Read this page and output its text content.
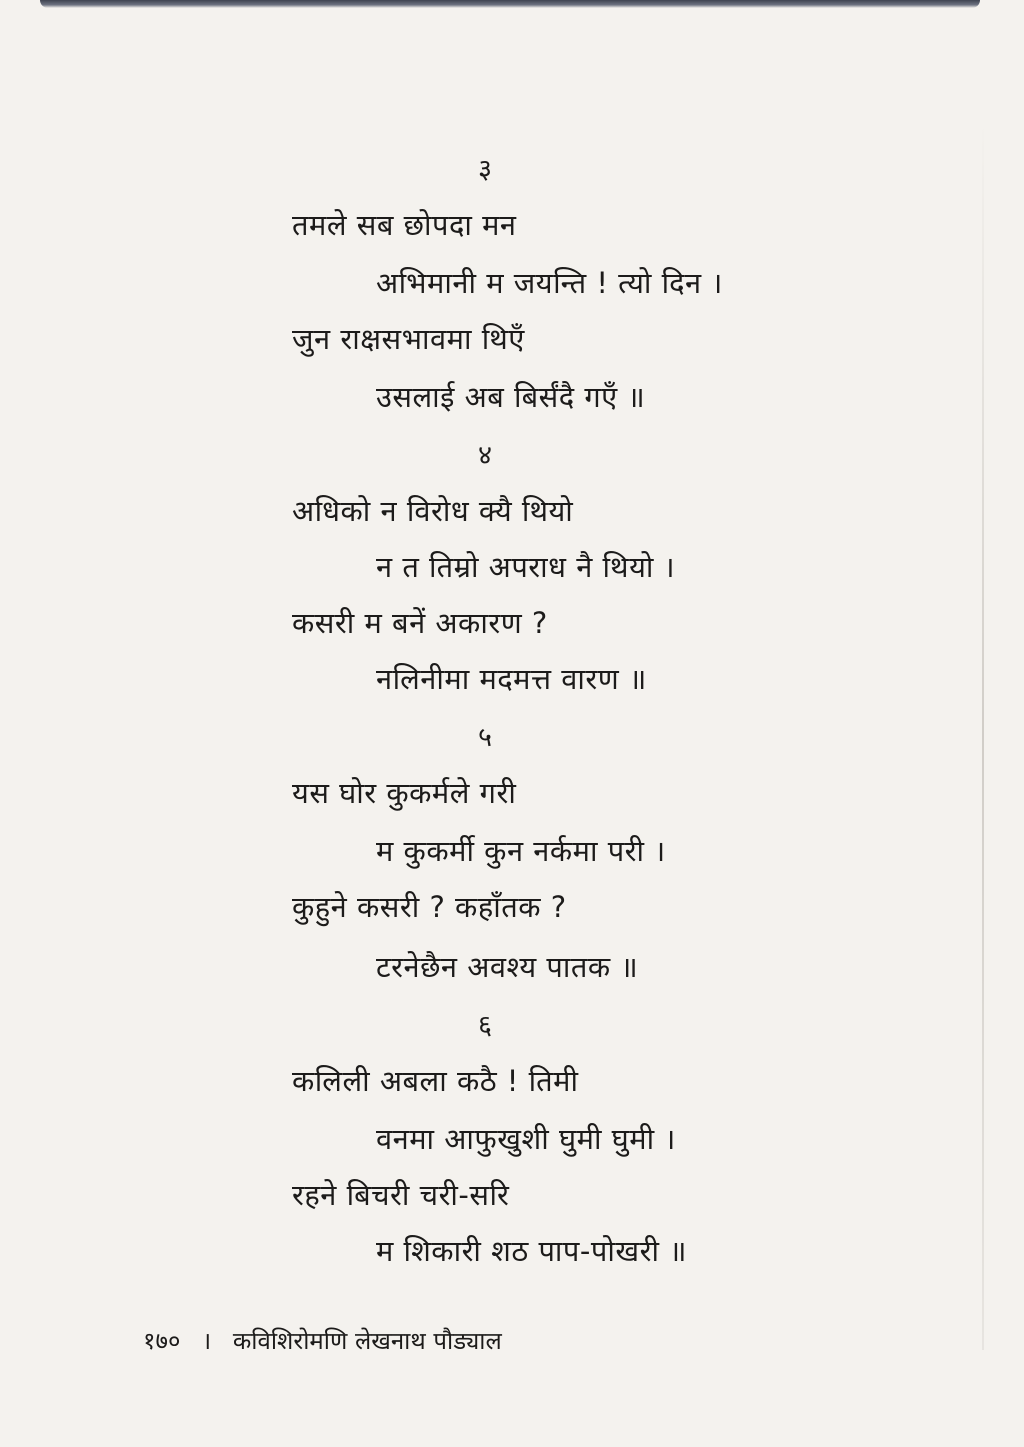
३
तमले सब छोपदा मन
अभिमानी म जयन्ति ! त्यो दिन ।
जुन राक्षसभावमा थिएँ
उसलाई अब बिर्संदै गएँ ॥
४
अधिको न विरोध क्यै थियो
न त तिम्रो अपराध नै थियो ।
कसरी म बनें अकारण ?
नलिनीमा मदमत्त वारण ॥
५
यस घोर कुकर्मले गरी
म कुकर्मी कुन नर्कमा परी ।
कुहुने कसरी ? कहाँतक ?
टरनेछैन अवश्य पातक ॥
६
कलिली अबला कठै ! तिमी
वनमा आफुखुशी घुमी घुमी ।
रहने बिचरी चरी-सरि
म शिकारी शठ पाप-पोखरी ॥
१७० । कविशिरोमणि लेखनाथ पौड्याल
